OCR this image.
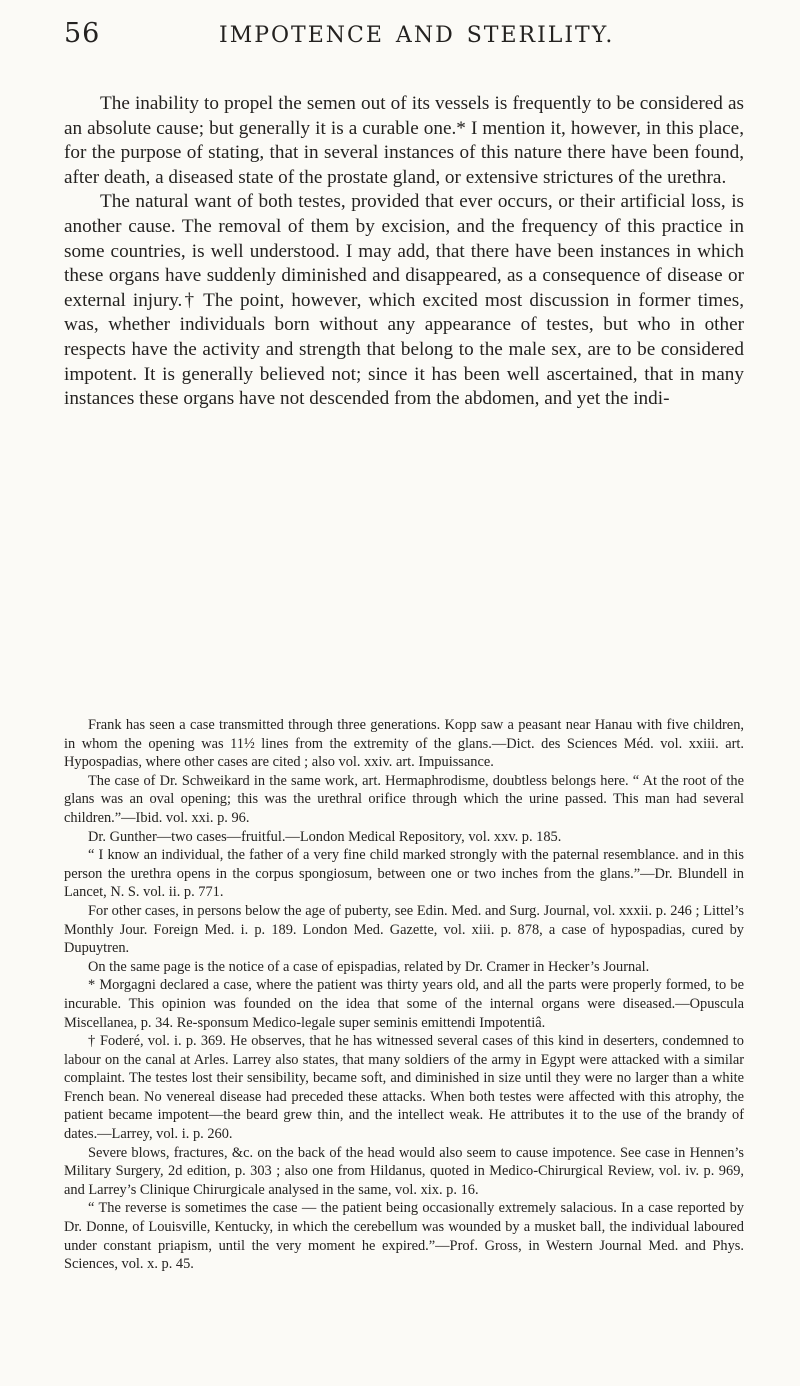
56	IMPOTENCE AND STERILITY.

The inability to propel the semen out of its vessels is frequently to be considered as an absolute cause; but generally it is a curable one.* I mention it, however, in this place, for the purpose of stating, that in several instances of this nature there have been found, after death, a diseased state of the prostate gland, or extensive strictures of the urethra.

The natural want of both testes, provided that ever occurs, or their artificial loss, is another cause. The removal of them by excision, and the frequency of this practice in some countries, is well understood. I may add, that there have been instances in which these organs have suddenly diminished and disappeared, as a consequence of disease or external injury.† The point, however, which excited most discussion in former times, was, whether individuals born without any appearance of testes, but who in other respects have the activity and strength that belong to the male sex, are to be considered impotent. It is generally believed not; since it has been well ascertained, that in many instances these organs have not descended from the abdomen, and yet the indi-

Frank has seen a case transmitted through three generations. Kopp saw a peasant near Hanau with five children, in whom the opening was 11½ lines from the extremity of the glans.—Dict. des Sciences Méd. vol. xxiii. art. Hypospadias, where other cases are cited ; also vol. xxiv. art. Impuissance.

The case of Dr. Schweikard in the same work, art. Hermaphrodisme, doubtless belongs here. “ At the root of the glans was an oval opening; this was the urethral orifice through which the urine passed. This man had several children.”—Ibid. vol. xxi. p. 96.

Dr. Gunther—two cases—fruitful.—London Medical Repository, vol. xxv. p. 185.

“ I know an individual, the father of a very fine child marked strongly with the paternal resemblance. and in this person the urethra opens in the corpus spongiosum, between one or two inches from the glans.”—Dr. Blundell in Lancet, N. S. vol. ii. p. 771.

For other cases, in persons below the age of puberty, see Edin. Med. and Surg. Journal, vol. xxxii. p. 246 ; Littel’s Monthly Jour. Foreign Med. i. p. 189. London Med. Gazette, vol. xiii. p. 878, a case of hypospadias, cured by Dupuytren.

On the same page is the notice of a case of epispadias, related by Dr. Cramer in Hecker’s Journal.

* Morgagni declared a case, where the patient was thirty years old, and all the parts were properly formed, to be incurable. This opinion was founded on the idea that some of the internal organs were diseased.—Opuscula Miscellanea, p. 34. Re-sponsum Medico-legale super seminis emittendi Impotentiâ.

† Foderé, vol. i. p. 369. He observes, that he has witnessed several cases of this kind in deserters, condemned to labour on the canal at Arles. Larrey also states, that many soldiers of the army in Egypt were attacked with a similar complaint. The testes lost their sensibility, became soft, and diminished in size until they were no larger than a white French bean. No venereal disease had preceded these attacks. When both testes were affected with this atrophy, the patient became impotent—the beard grew thin, and the intellect weak. He attributes it to the use of the brandy of dates.—Larrey, vol. i. p. 260.

Severe blows, fractures, &c. on the back of the head would also seem to cause impotence. See case in Hennen’s Military Surgery, 2d edition, p. 303 ; also one from Hildanus, quoted in Medico-Chirurgical Review, vol. iv. p. 969, and Larrey’s Clinique Chirurgicale analysed in the same, vol. xix. p. 16.

“ The reverse is sometimes the case — the patient being occasionally extremely salacious. In a case reported by Dr. Donne, of Louisville, Kentucky, in which the cerebellum was wounded by a musket ball, the individual laboured under constant priapism, until the very moment he expired.”—Prof. Gross, in Western Journal Med. and Phys. Sciences, vol. x. p. 45.
